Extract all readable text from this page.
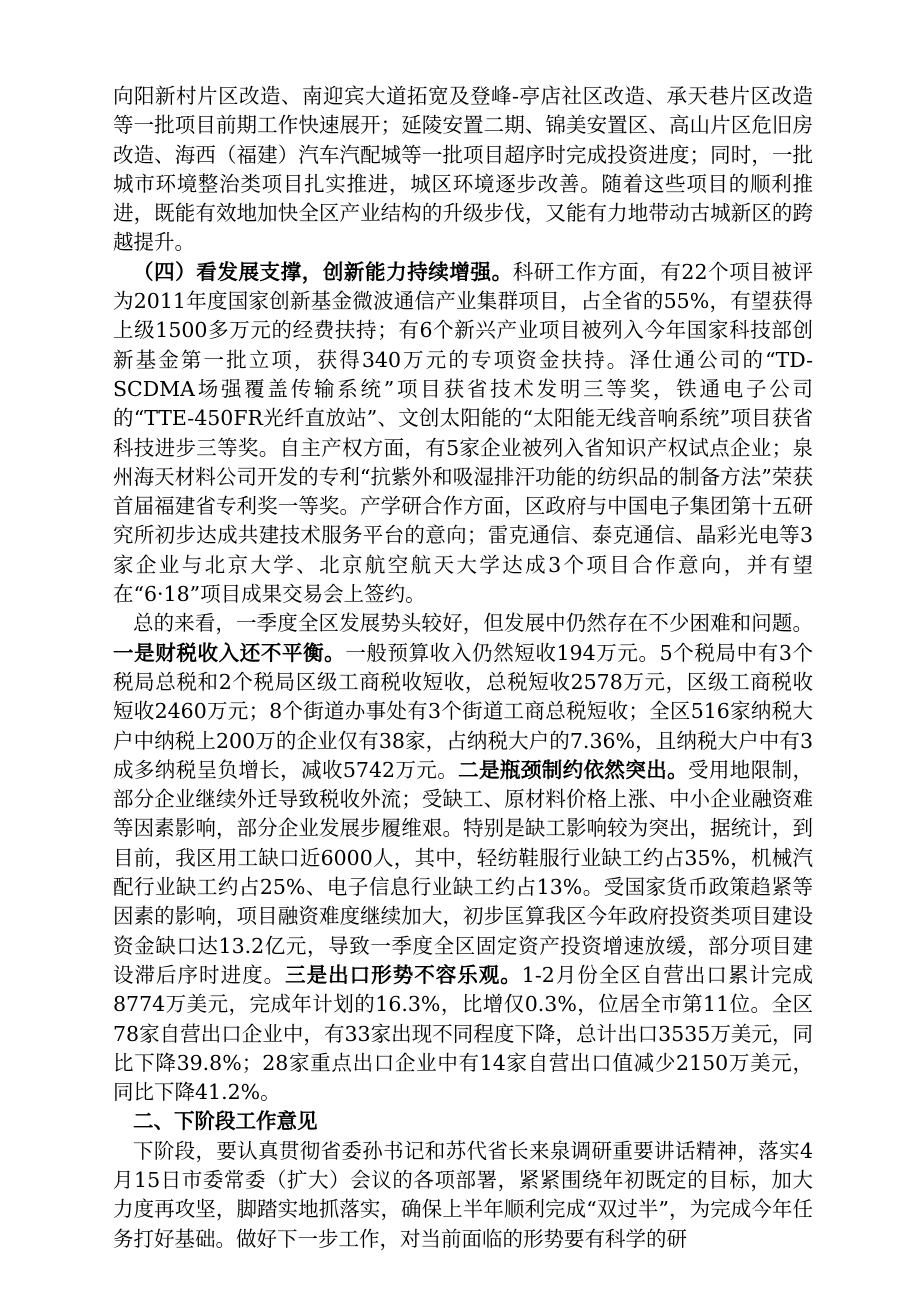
向阳新村片区改造、南迎宾大道拓宽及登峰-亭店社区改造、承天巷片区改造等一批项目前期工作快速展开；延陵安置二期、锦美安置区、高山片区危旧房改造、海西（福建）汽车汽配城等一批项目超序时完成投资进度；同时，一批城市环境整治类项目扎实推进，城区环境逐步改善。随着这些项目的顺利推进，既能有效地加快全区产业结构的升级步伐，又能有力地带动古城新区的跨越提升。

（四）看发展支撑，创新能力持续增强。科研工作方面，有22个项目被评为2011年度国家创新基金微波通信产业集群项目，占全省的55%，有望获得上级1500多万元的经费扶持；有6个新兴产业项目被列入今年国家科技部创新基金第一批立项，获得340万元的专项资金扶持。泽仕通公司的“TD-SCDMA场强覆盖传输系统”项目获省技术发明三等奖，铁通电子公司的“TTE-450FR光纤直放站”、文创太阳能的“太阳能无线音响系统”项目获省科技进步三等奖。自主产权方面，有5家企业被列入省知识产权试点企业；泉州海天材料公司开发的专利“抗紫外和吸湿排汗功能的纺织品的制备方法”荣获首届福建省专利奖一等奖。产学研合作方面，区政府与中国电子集团第十五研究所初步达成共建技术服务平台的意向；雷克通信、泰克通信、晶彩光电等3家企业与北京大学、北京航空航天大学达成3个项目合作意向，并有望在“6·18”项目成果交易会上签约。

总的来看，一季度全区发展势头较好，但发展中仍然存在不少困难和问题。一是财税收入还不平衡。一般预算收入仍然短收194万元。5个税局中有3个税局总税和2个税局区级工商税收短收，总税短收2578万元，区级工商税收短收2460万元；8个街道办事处有3个街道工商总税短收；全区516家纳税大户中纳税上200万的企业仅有38家，占纳税大户的7.36%，且纳税大户中有3成多纳税呈负增长，减收5742万元。二是瓶颈制约依然突出。受用地限制，部分企业继续外迁导致税收外流；受缺工、原材料价格上涨、中小企业融资难等因素影响，部分企业发展步履维艰。特别是缺工影响较为突出，据统计，到目前，我区用工缺口近6000人，其中，轻纺鞋服行业缺工约占35%，机械汽配行业缺工约占25%、电子信息行业缺工约占13%。受国家货币政策趋紧等因素的影响，项目融资难度继续加大，初步匡算我区今年政府投资类项目建设资金缺口达13.2亿元，导致一季度全区固定资产投资增速放缓，部分项目建设滞后序时进度。三是出口形势不容乐观。1-2月份全区自营出口累计完成8774万美元，完成年计划的16.3%，比增仅0.3%，位居全市第11位。全区78家自营出口企业中，有33家出现不同程度下降，总计出口3535万美元，同比下降39.8%；28家重点出口企业中有14家自营出口值减少2150万美元，同比下降41.2%。

二、下阶段工作意见

下阶段，要认真贯彻省委孙书记和苏代省长来泉调研重要讲话精神，落实4月15日市委常委（扩大）会议的各项部署，紧紧围绕年初既定的目标，加大力度再攻坚，脚踏实地抓落实，确保上半年顺利完成“双过半”，为完成今年任务打好基础。做好下一步工作，对当前面临的形势要有科学的研
